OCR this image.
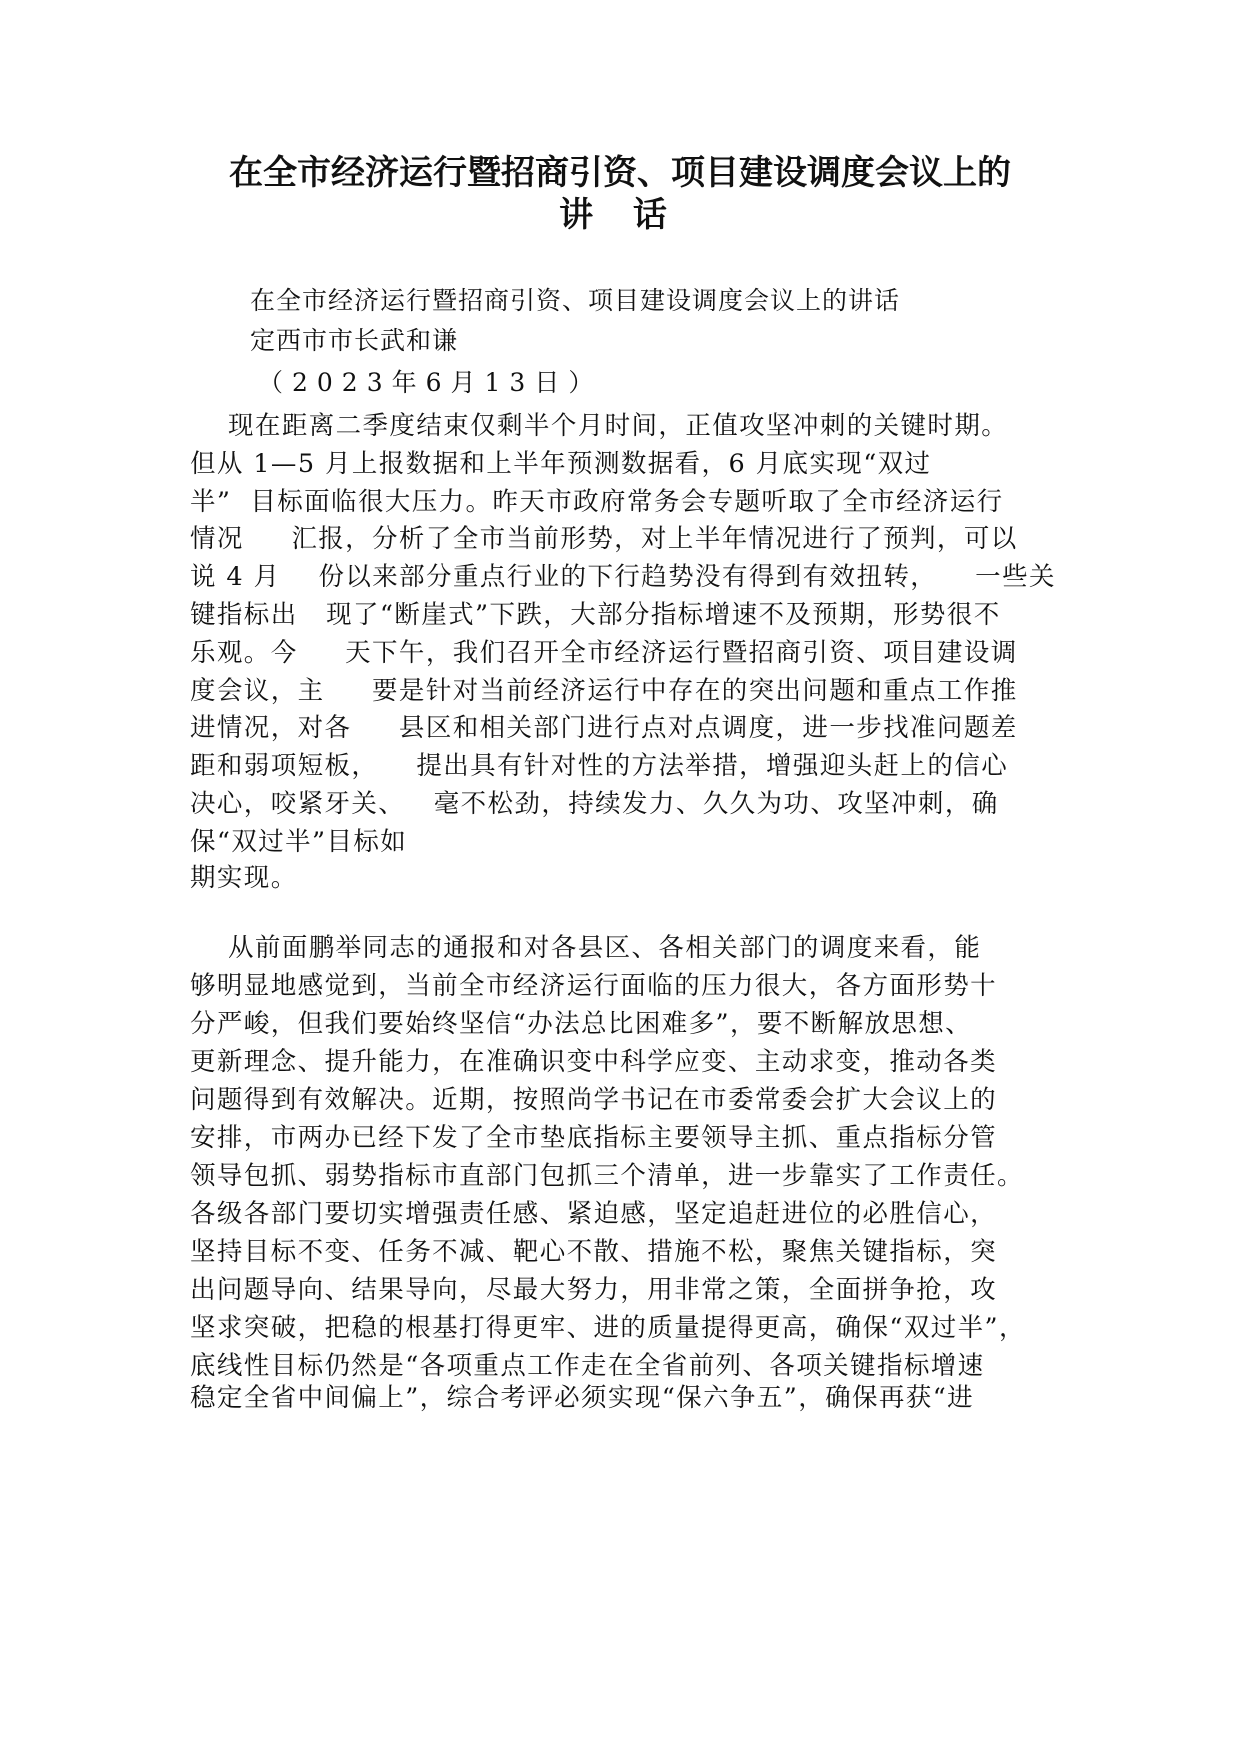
在全市经济运行暨招商引资、项目建设调度会议上的
讲 话
在全市经济运行暨招商引资、项目建设调度会议上的讲话
定西市市长武和谦
（2023年6月13日）

现在距离二季度结束仅剩半个月时间，正值攻坚冲刺的关键时期。

但从 1—5 月上报数据和上半年预测数据看，6 月底实现“双过

半”  目标面临很大压力。昨天市政府常务会专题听取了全市经济运行

情况     汇报，分析了全市当前形势，对上半年情况进行了预判，可以

说 4 月    份以来部分重点行业的下行趋势没有得到有效扭转，    一些关

键指标出   现了“断崖式”下跌，大部分指标增速不及预期，形势很不

乐观。今     天下午，我们召开全市经济运行暨招商引资、项目建设调

度会议，主     要是针对当前经济运行中存在的突出问题和重点工作推

进情况，对各     县区和相关部门进行点对点调度，进一步找准问题差

距和弱项短板，    提出具有针对性的方法举措，增强迎头赶上的信心

决心，咬紧牙关、   毫不松劲，持续发力、久久为功、攻坚冲刺，确

保“双过半”目标如

期实现。

从前面鹏举同志的通报和对各县区、各相关部门的调度来看，能

够明显地感觉到，当前全市经济运行面临的压力很大，各方面形势十

分严峻，但我们要始终坚信“办法总比困难多”，要不断解放思想、

更新理念、提升能力，在准确识变中科学应变、主动求变，推动各类

问题得到有效解决。近期，按照尚学书记在市委常委会扩大会议上的

安排，市两办已经下发了全市垫底指标主要领导主抓、重点指标分管

领导包抓、弱势指标市直部门包抓三个清单，进一步靠实了工作责任。

各级各部门要切实增强责任感、紧迫感，坚定追赶进位的必胜信心，

坚持目标不变、任务不减、靶心不散、措施不松，聚焦关键指标，突

出问题导向、结果导向，尽最大努力，用非常之策，全面拼争抢，攻

坚求突破，把稳的根基打得更牢、进的质量提得更高，确保“双过半”，

底线性目标仍然是“各项重点工作走在全省前列、各项关键指标增速

稳定全省中间偏上”，综合考评必须实现“保六争五”，确保再获“进
